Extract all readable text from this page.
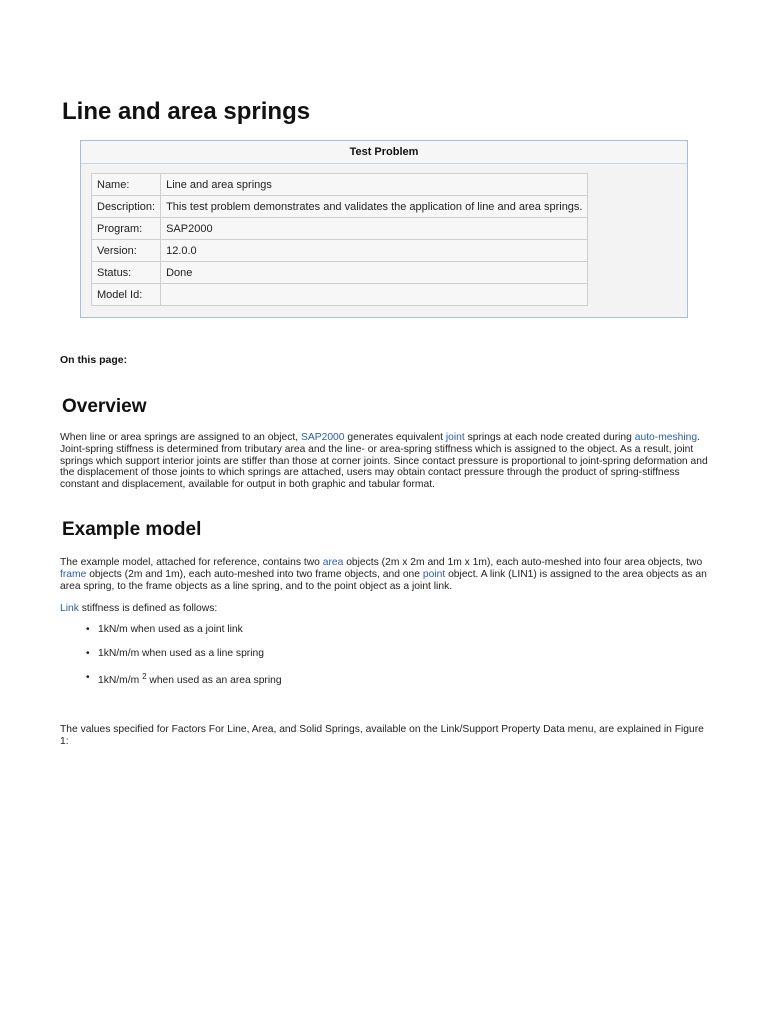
Line and area springs
Test Problem
Name:	Line and area springs
Description:	This test problem demonstrates and validates the application of line and area springs.
Program:	SAP2000
Version:	12.0.0
Status:	Done
Model Id:	
On this page:
Overview
When line or area springs are assigned to an object, SAP2000 generates equivalent joint springs at each node created during auto-meshing. Joint-spring stiffness is determined from tributary area and the line- or area-spring stiffness which is assigned to the object. As a result, joint springs which support interior joints are stiffer than those at corner joints. Since contact pressure is proportional to joint-spring deformation and the displacement of those joints to which springs are attached, users may obtain contact pressure through the product of spring-stiffness constant and displacement, available for output in both graphic and tabular format.
Example model
The example model, attached for reference, contains two area objects (2m x 2m and 1m x 1m), each auto-meshed into four area objects, two frame objects (2m and 1m), each auto-meshed into two frame objects, and one point object. A link (LIN1) is assigned to the area objects as an area spring, to the frame objects as a line spring, and to the point object as a joint link.
Link stiffness is defined as follows:
• 1kN/m when used as a joint link
• 1kN/m/m when used as a line spring
• 1kN/m/m $^2$ when used as an area spring
The values specified for Factors For Line, Area, and Solid Springs, available on the Link/Support Property Data menu, are explained in Figure 1:
